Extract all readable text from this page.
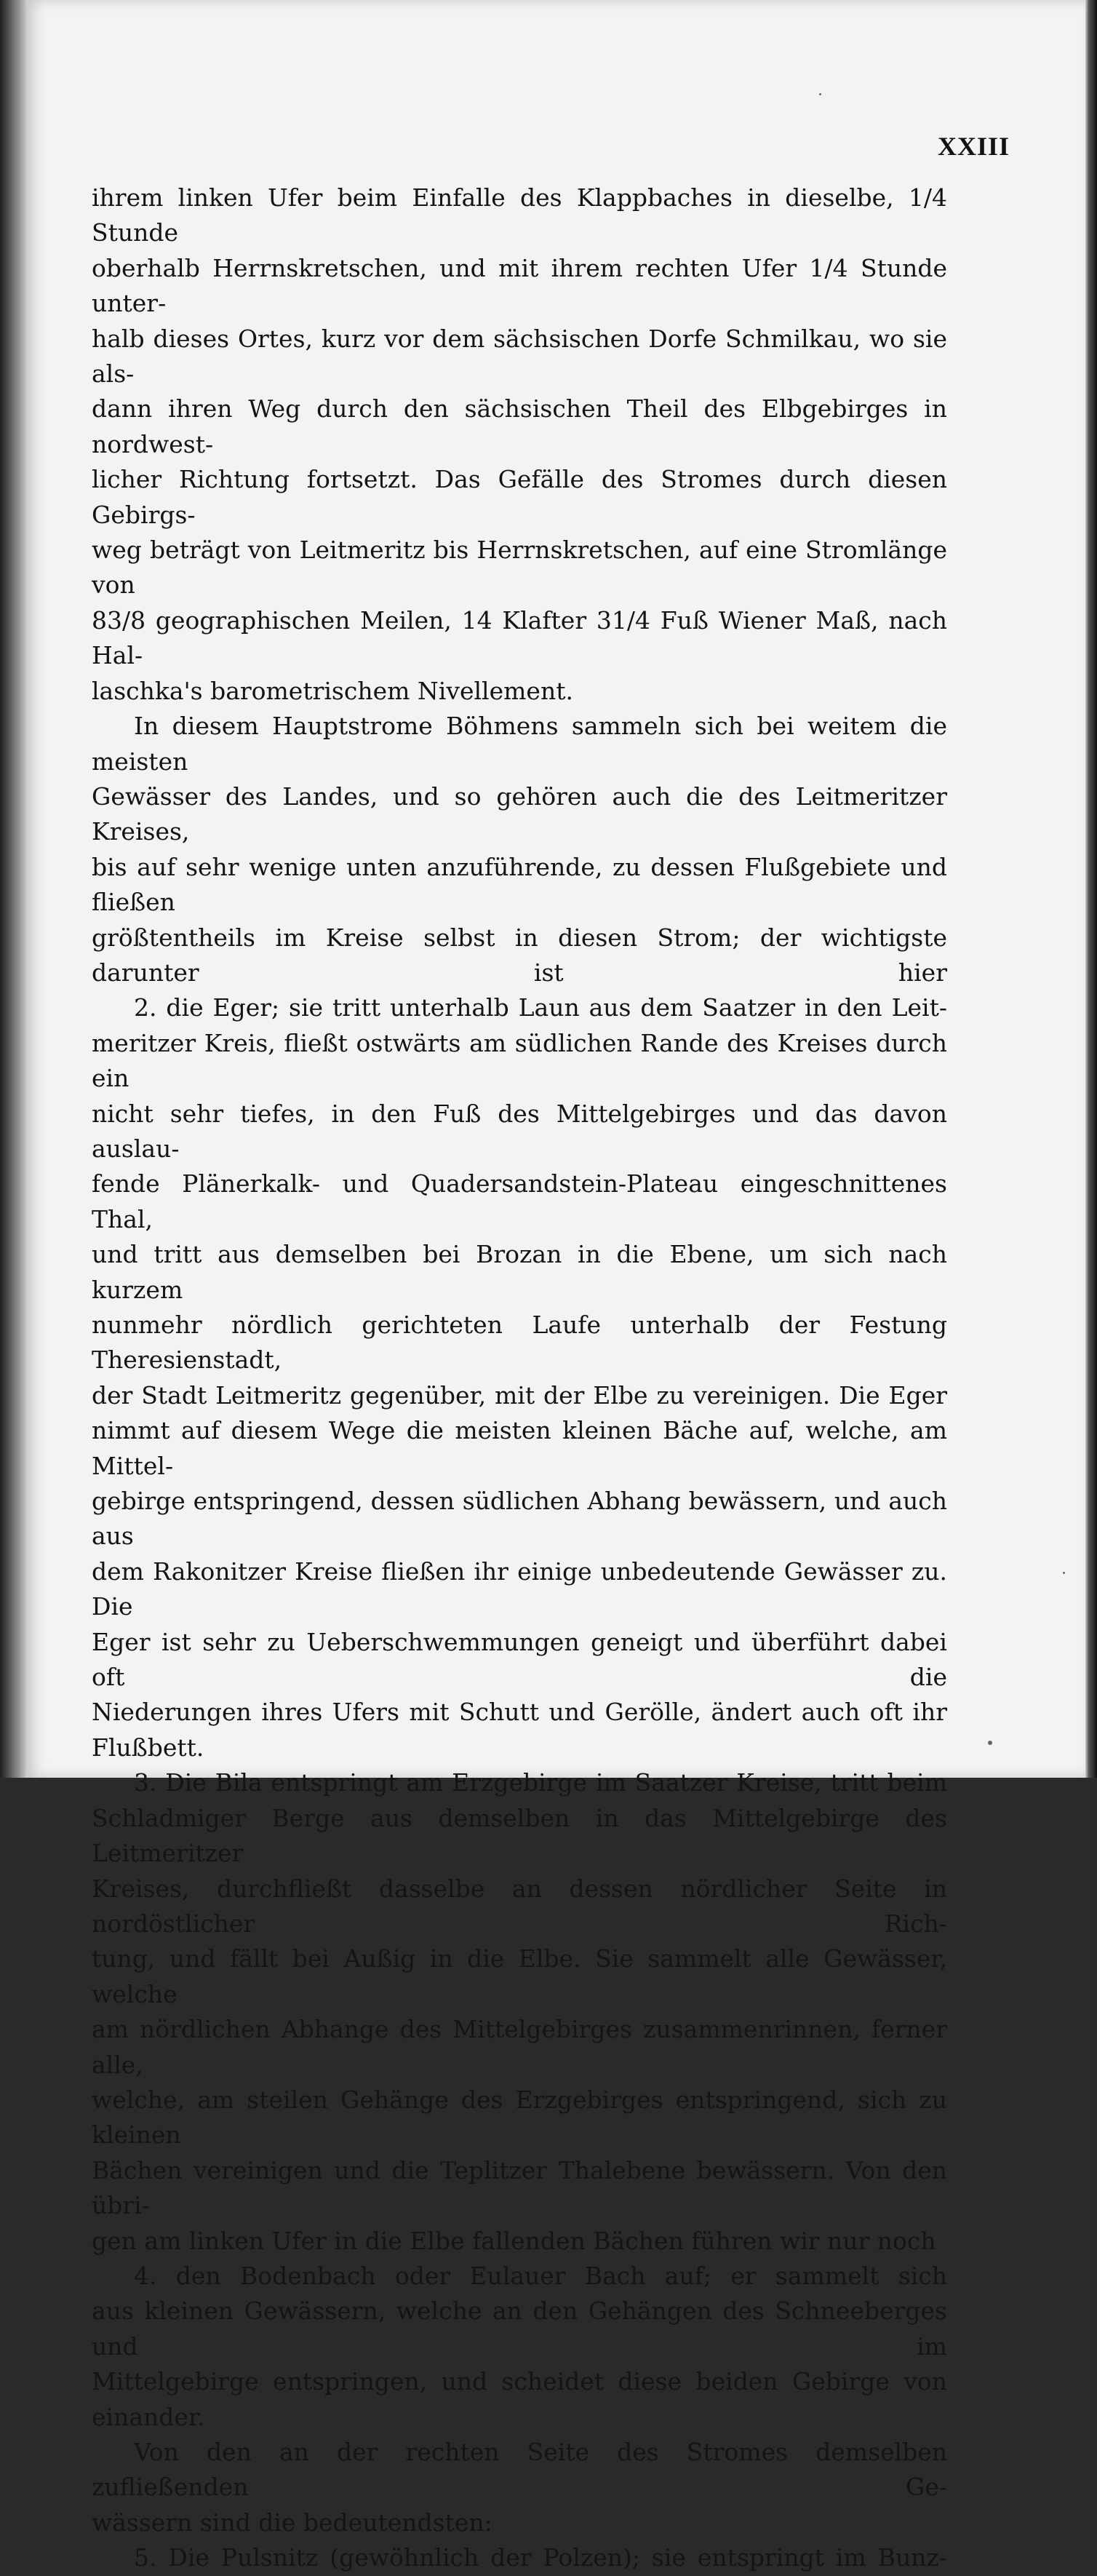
XXIII
ihrem linken Ufer beim Einfalle des Klappbaches in dieselbe, 1/4 Stunde
oberhalb Herrnskretschen, und mit ihrem rechten Ufer 1/4 Stunde unter-
halb dieses Ortes, kurz vor dem sächsischen Dorfe Schmilkau, wo sie als-
dann ihren Weg durch den sächsischen Theil des Elbgebirges in nordwest-
licher Richtung fortsetzt. Das Gefälle des Stromes durch diesen Gebirgs-
weg beträgt von Leitmeritz bis Herrnskretschen, auf eine Stromlänge von
83/8 geographischen Meilen, 14 Klafter 31/4 Fuß Wiener Maß, nach Hal-
laschka's barometrischem Nivellement.
In diesem Hauptstrome Böhmens sammeln sich bei weitem die meisten
Gewässer des Landes, und so gehören auch die des Leitmeritzer Kreises,
bis auf sehr wenige unten anzuführende, zu dessen Flußgebiete und fließen
größtentheils im Kreise selbst in diesen Strom; der wichtigste darunter ist hier
2. die Eger; sie tritt unterhalb Laun aus dem Saatzer in den Leit-
meritzer Kreis, fließt ostwärts am südlichen Rande des Kreises durch ein
nicht sehr tiefes, in den Fuß des Mittelgebirges und das davon auslau-
fende Plänerkalk- und Quadersandstein-Plateau eingeschnittenes Thal,
und tritt aus demselben bei Brozan in die Ebene, um sich nach kurzem
nunmehr nördlich gerichteten Laufe unterhalb der Festung Theresienstadt,
der Stadt Leitmeritz gegenüber, mit der Elbe zu vereinigen. Die Eger
nimmt auf diesem Wege die meisten kleinen Bäche auf, welche, am Mittel-
gebirge entspringend, dessen südlichen Abhang bewässern, und auch aus
dem Rakonitzer Kreise fließen ihr einige unbedeutende Gewässer zu. Die
Eger ist sehr zu Ueberschwemmungen geneigt und überführt dabei oft die
Niederungen ihres Ufers mit Schutt und Gerölle, ändert auch oft ihr
Flußbett.
3. Die Bila entspringt am Erzgebirge im Saatzer Kreise, tritt beim
Schladmiger Berge aus demselben in das Mittelgebirge des Leitmeritzer
Kreises, durchfließt dasselbe an dessen nördlicher Seite in nordöstlicher Rich-
tung, und fällt bei Außig in die Elbe. Sie sammelt alle Gewässer, welche
am nördlichen Abhange des Mittelgebirges zusammenrinnen, ferner alle,
welche, am steilen Gehänge des Erzgebirges entspringend, sich zu kleinen
Bächen vereinigen und die Teplitzer Thalebene bewässern. Von den übri-
gen am linken Ufer in die Elbe fallenden Bächen führen wir nur noch
4. den Bodenbach oder Eulauer Bach auf; er sammelt sich
aus kleinen Gewässern, welche an den Gehängen des Schneeberges und im
Mittelgebirge entspringen, und scheidet diese beiden Gebirge von einander.
Von den an der rechten Seite des Stromes demselben zufließenden Ge-
wässern sind die bedeutendsten:
5. Die Pulsnitz (gewöhnlich der Polzen); sie entspringt im Bunz-
